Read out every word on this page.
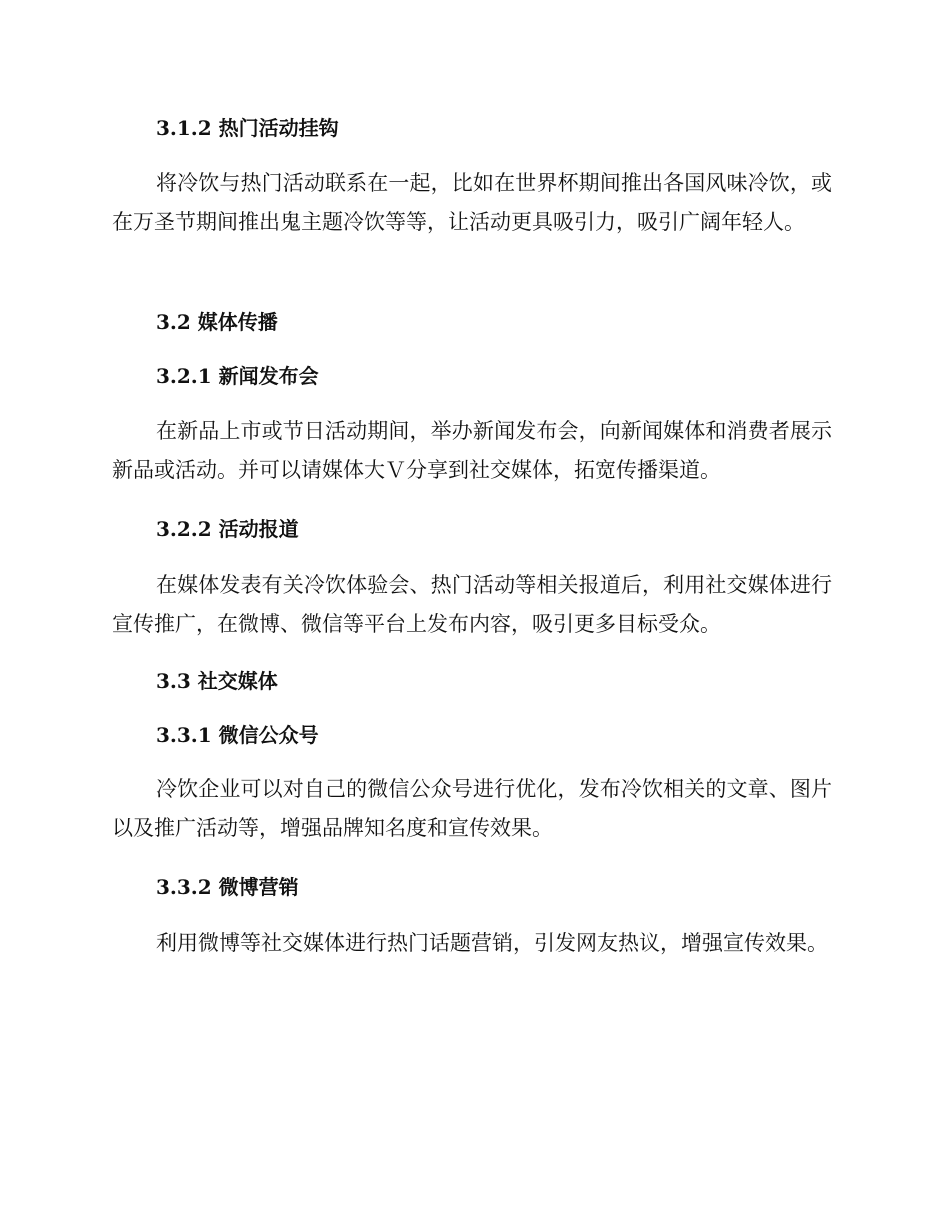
3.1.2 热门活动挂钩
将冷饮与热门活动联系在一起，比如在世界杯期间推出各国风味冷饮，或在万圣节期间推出鬼主题冷饮等等，让活动更具吸引力，吸引广阔年轻人。
3.2 媒体传播
3.2.1 新闻发布会
在新品上市或节日活动期间，举办新闻发布会，向新闻媒体和消费者展示新品或活动。并可以请媒体大Ｖ分享到社交媒体，拓宽传播渠道。
3.2.2 活动报道
在媒体发表有关冷饮体验会、热门活动等相关报道后，利用社交媒体进行宣传推广，在微博、微信等平台上发布内容，吸引更多目标受众。
3.3 社交媒体
3.3.1 微信公众号
冷饮企业可以对自己的微信公众号进行优化，发布冷饮相关的文章、图片以及推广活动等，增强品牌知名度和宣传效果。
3.3.2 微博营销
利用微博等社交媒体进行热门话题营销，引发网友热议，增强宣传效果。
